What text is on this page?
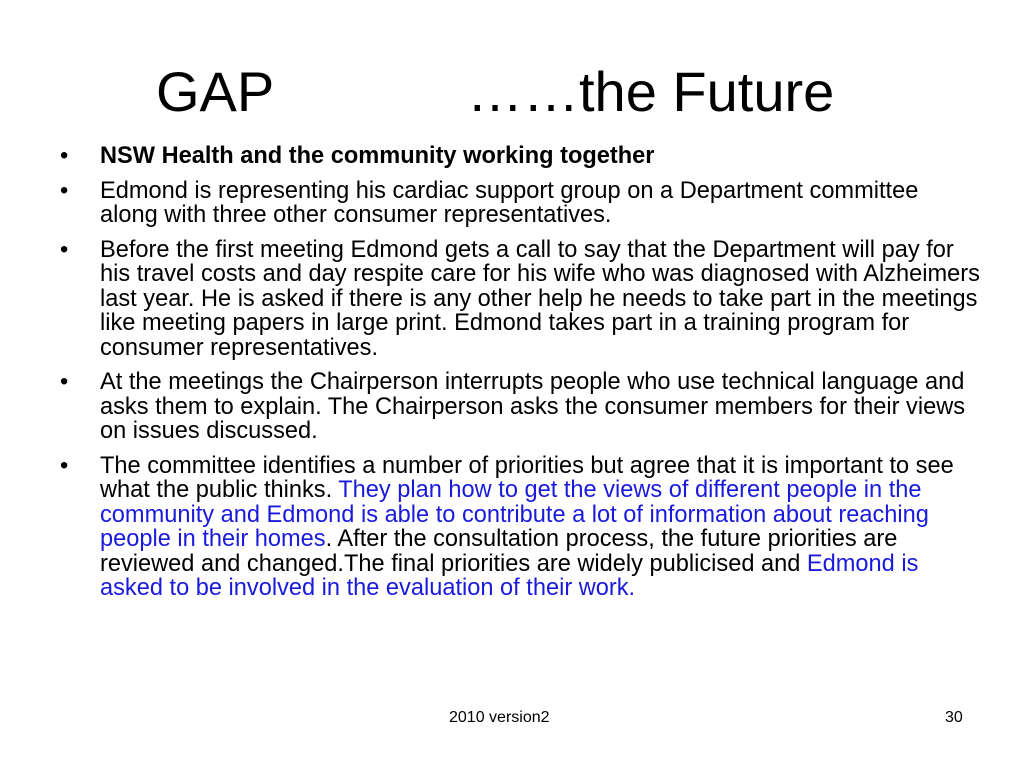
GAP	……the Future
• NSW Health and the community working together
• Edmond is representing his cardiac support group on a Department committee along with three other consumer representatives.
• Before the first meeting Edmond gets a call to say that the Department will pay for his travel costs and day respite care for his wife who was diagnosed with Alzheimers last year. He is asked if there is any other help he needs to take part in the meetings like meeting papers in large print. Edmond takes part in a training program for consumer representatives.
• At the meetings the Chairperson interrupts people who use technical language and asks them to explain. The Chairperson asks the consumer members for their views on issues discussed.
• The committee identifies a number of priorities but agree that it is important to see what the public thinks. They plan how to get the views of different people in the community and Edmond is able to contribute a lot of information about reaching people in their homes. After the consultation process, the future priorities are reviewed and changed.The final priorities are widely publicised and Edmond is asked to be involved in the evaluation of their work.
2010 version2	30
